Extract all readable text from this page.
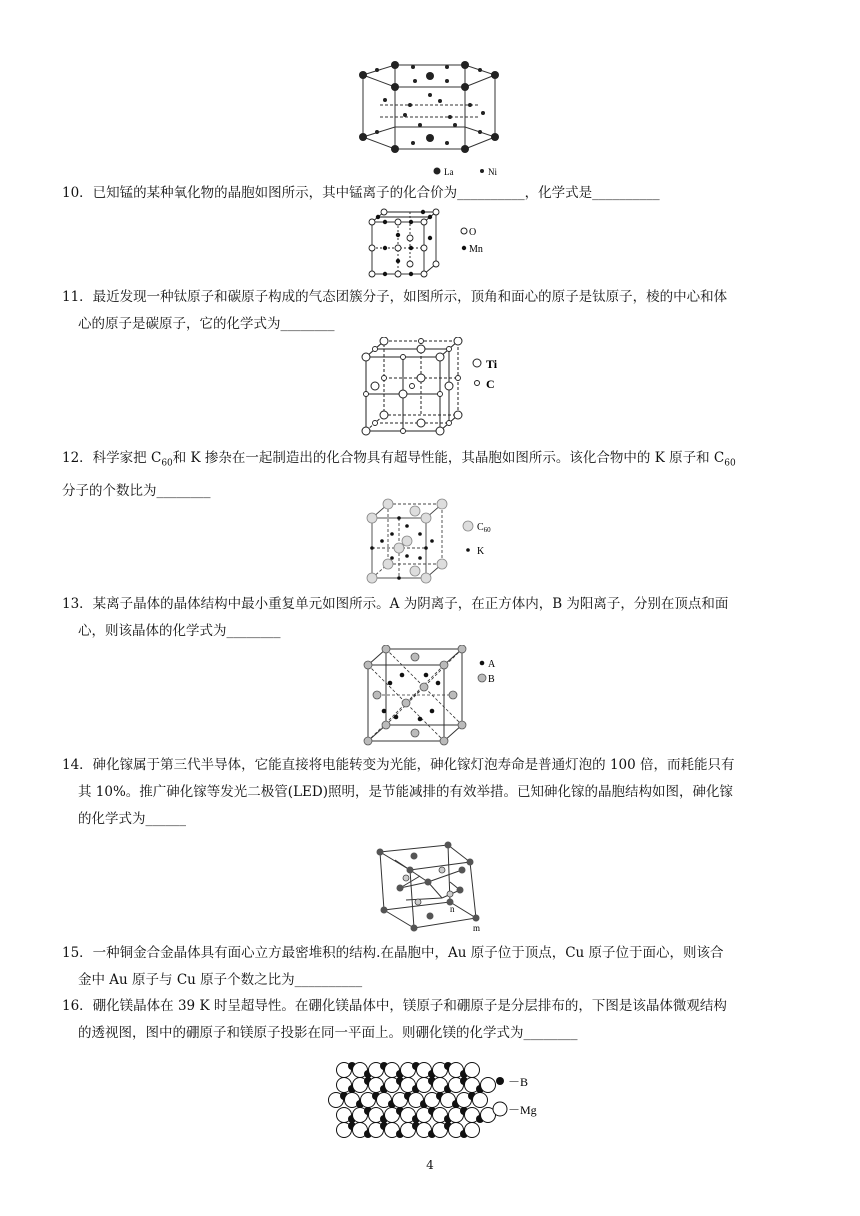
La	Ni
10．已知锰的某种氧化物的晶胞如图所示，其中锰离子的化合价为__________，化学式是__________
O
Mn
11．最近发现一种钛原子和碳原子构成的气态团簇分子，如图所示，顶角和面心的原子是钛原子，棱的中心和体
心的原子是碳原子，它的化学式为________
Ti
C
12．科学家把 $C_{60}$和 K 掺杂在一起制造出的化合物具有超导性能，其晶胞如图所示。该化合物中的 K 原子和 $C_{60}$
分子的个数比为________
$C_{60}$
K
13．某离子晶体的晶体结构中最小重复单元如图所示。A 为阴离子，在正方体内，B 为阳离子，分别在顶点和面
心，则该晶体的化学式为________
A
B
14．砷化镓属于第三代半导体，它能直接将电能转变为光能，砷化镓灯泡寿命是普通灯泡的 100 倍，而耗能只有
其 10%。推广砷化镓等发光二极管(LED)照明，是节能减排的有效举措。已知砷化镓的晶胞结构如图，砷化镓
的化学式为______
n
m
15．一种铜金合金晶体具有面心立方最密堆积的结构.在晶胞中，Au 原子位于顶点，Cu 原子位于面心，则该合
金中 Au 原子与 Cu 原子个数之比为__________
16．硼化镁晶体在 39 K 时呈超导性。在硼化镁晶体中，镁原子和硼原子是分层排布的，下图是该晶体微观结构
的透视图，图中的硼原子和镁原子投影在同一平面上。则硼化镁的化学式为________
－B
－Mg
4
